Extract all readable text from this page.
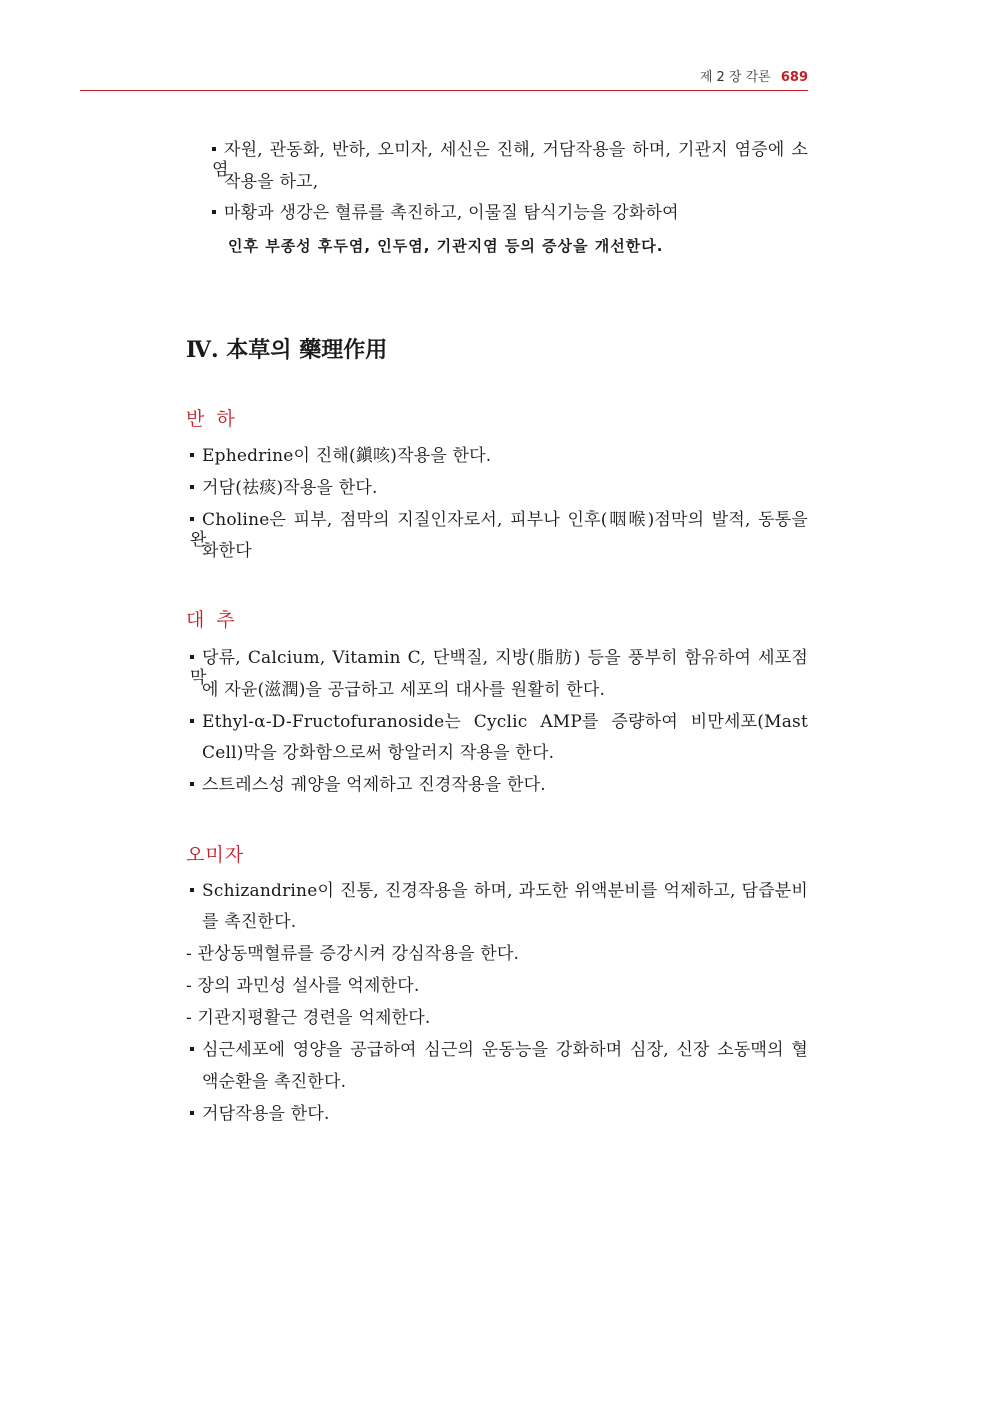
제 2 장 각론 689
자원, 관동화, 반하, 오미자, 세신은 진해, 거담작용을 하며, 기관지 염증에 소염
작용을 하고,
마황과 생강은 혈류를 촉진하고, 이물질 탐식기능을 강화하여
인후 부종성 후두염, 인두염, 기관지염 등의 증상을 개선한다.
Ⅳ. 本草의 藥理作用
반 하
Ephedrine이 진해(鎭咳)작용을 한다.
거담(祛痰)작용을 한다.
Choline은 피부, 점막의 지질인자로서, 피부나 인후(咽喉)점막의 발적, 동통을 완
화한다
대 추
당류, Calcium, Vitamin C, 단백질, 지방(脂肪) 등을 풍부히 함유하여 세포점막
에 자윤(滋潤)을 공급하고 세포의 대사를 원활히 한다.
Ethyl-α-D-Fructofuranoside는 Cyclic AMP를 증량하여 비만세포(Mast
Cell)막을 강화함으로써 항알러지 작용을 한다.
스트레스성 궤양을 억제하고 진경작용을 한다.
오미자
Schizandrine이 진통, 진경작용을 하며, 과도한 위액분비를 억제하고, 담즙분비
를 촉진한다.
- 관상동맥혈류를 증강시켜 강심작용을 한다.
- 장의 과민성 설사를 억제한다.
- 기관지평활근 경련을 억제한다.
심근세포에 영양을 공급하여 심근의 운동능을 강화하며 심장, 신장 소동맥의 혈
액순환을 촉진한다.
거담작용을 한다.
